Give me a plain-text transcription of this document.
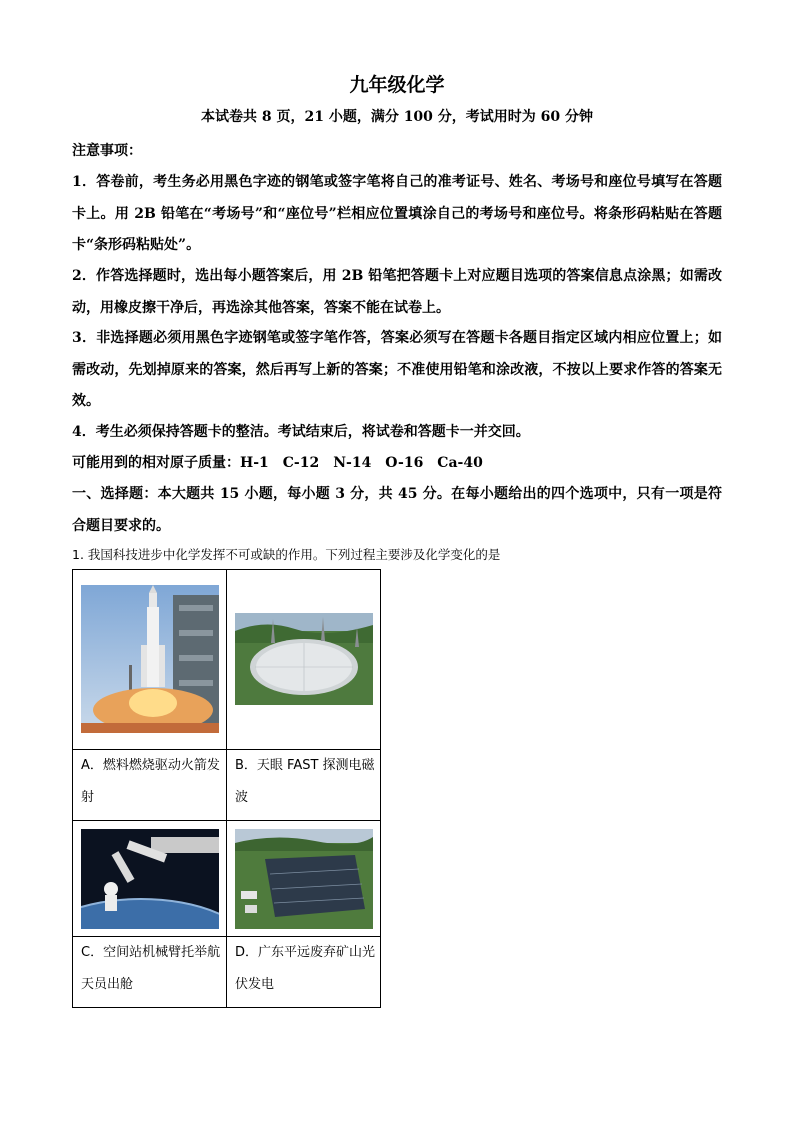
九年级化学
本试卷共 8 页，21 小题，满分 100 分，考试用时为 60 分钟
注意事项：
1．答卷前，考生务必用黑色字迹的钢笔或签字笔将自己的准考证号、姓名、考场号和座位号填写在答题卡上。用 2B 铅笔在“考场号”和“座位号”栏相应位置填涂自己的考场号和座位号。将条形码粘贴在答题卡“条形码粘贴处”。
2．作答选择题时，选出每小题答案后，用 2B 铅笔把答题卡上对应题目选项的答案信息点涂黑；如需改动，用橡皮擦干净后，再选涂其他答案，答案不能在试卷上。
3．非选择题必须用黑色字迹钢笔或签字笔作答，答案必须写在答题卡各题目指定区域内相应位置上；如需改动，先划掉原来的答案，然后再写上新的答案；不准使用铅笔和涂改液，不按以上要求作答的答案无效。
4．考生必须保持答题卡的整洁。考试结束后，将试卷和答题卡一并交回。
可能用到的相对原子质量：H-1　C-12　N-14　O-16　Ca-40
一、选择题：本大题共 15 小题，每小题 3 分，共 45 分。在每小题给出的四个选项中，只有一项是符合题目要求的。
1. 我国科技进步中化学发挥不可或缺的作用。下列过程主要涉及化学变化的是

A．燃料燃烧驱动火箭发射	B．天眼 FAST 探测电磁波

C．空间站机械臂托举航天员出舱	D．广东平远废弃矿山光伏发电
